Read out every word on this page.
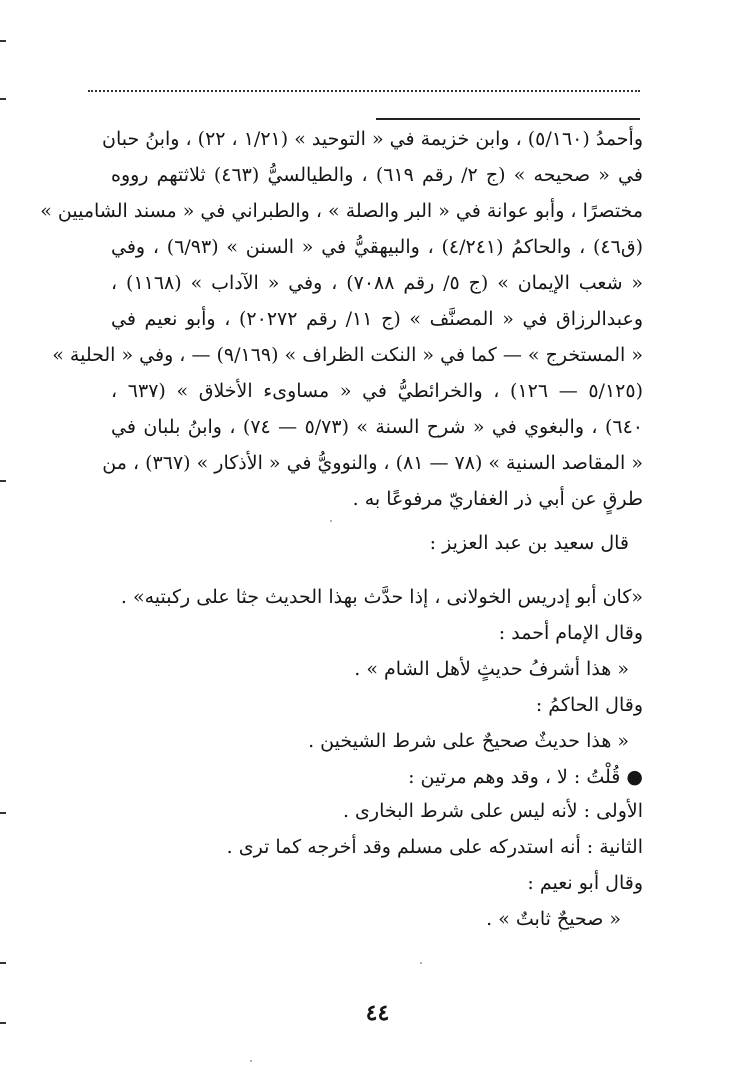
وأحمدُ (٥/١٦٠) ، وابن خزيمة في « التوحيد » (١/٢١ ، ٢٢) ، وابنُ حبان
في « صحيحه » (ج ٢/ رقم ٦١٩) ، والطيالسيُّ (٤٦٣) ثلاثتهم رووه
مختصرًا ، وأبو عوانة في « البر والصلة » ، والطبراني في « مسند الشاميين »
(ق٤٦) ، والحاكمُ (٤/٢٤١) ، والبيهقيُّ في « السنن » (٦/٩٣) ، وفي
« شعب الإيمان » (ج ٥/ رقم ٧٠٨٨) ، وفي « الآداب » (١١٦٨) ،
وعبدالرزاق في « المصنَّف » (ج ١١/ رقم ٢٠٢٧٢) ، وأبو نعيم في
« المستخرج » — كما في « النكت الظراف » (٩/١٦٩) — ، وفي « الحلية »
(٥/١٢٥ — ١٢٦) ، والخرائطيُّ في « مساوىء الأخلاق » (٦٣٧ ،
٦٤٠) ، والبغوي في « شرح السنة » (٥/٧٣ — ٧٤) ، وابنُ بلبان في
« المقاصد السنية » (٧٨ — ٨١) ، والنوويُّ في « الأذكار » (٣٦٧) ، من
طرقٍ عن أبي ذر الغفاريّ مرفوعًا به .
قال سعيد بن عبد العزيز :
«كان أبو إدريس الخولانى ، إذا حدَّث بهذا الحديث جثا على ركبتيه» .
وقال الإمام أحمد :
« هذا أشرفُ حديثٍ لأهل الشام » .
وقال الحاكمُ :
« هذا حديثٌ صحيحٌ على شرط الشيخين .
● قُلْتُ : لا ، وقد وهم مرتين :
الأولى : لأنه ليس على شرط البخارى .
الثانية : أنه استدركه على مسلم وقد أخرجه كما ترى .
وقال أبو نعيم :
« صحيحٌ ثابتٌ » .
٤٤
